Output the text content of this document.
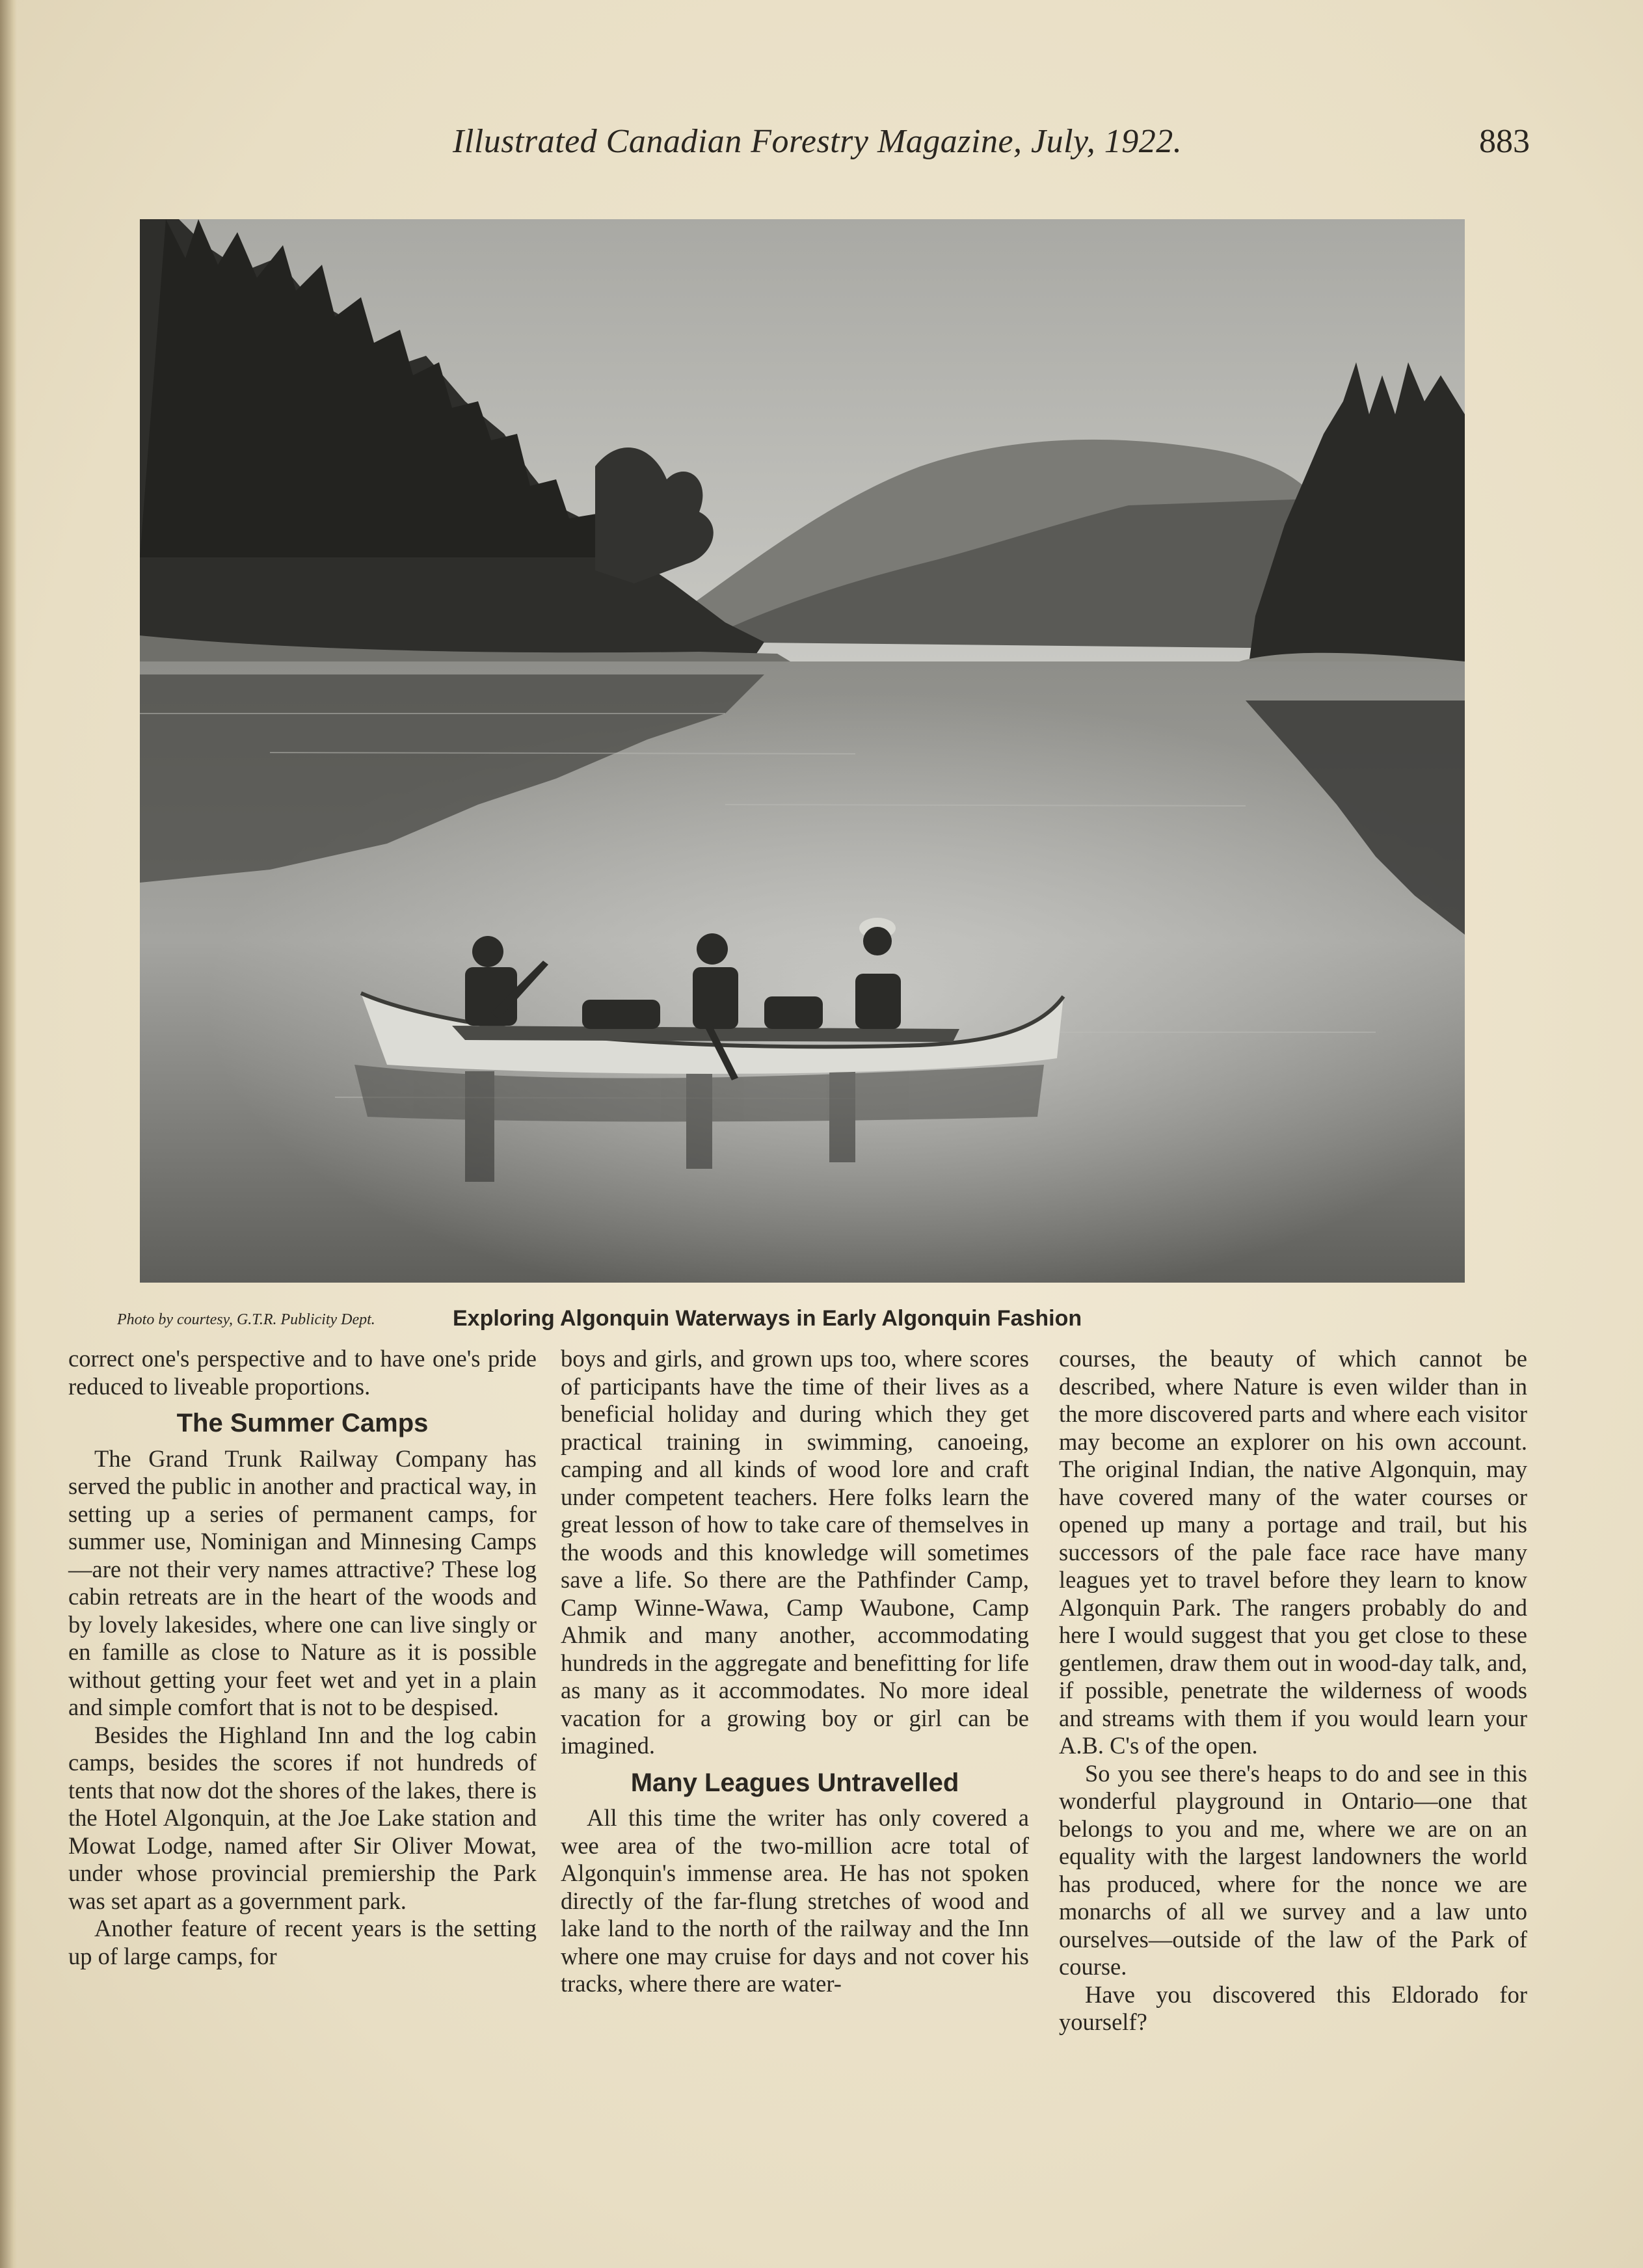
Illustrated Canadian Forestry Magazine, July, 1922.	883
Photo by courtesy, G.T.R. Publicity Dept.	Exploring Algonquin Waterways in Early Algonquin Fashion

correct one's perspective and to have one's pride reduced to liveable proportions.

The Summer Camps

The Grand Trunk Railway Company has served the public in another and practical way, in setting up a series of permanent camps, for summer use, Nominigan and Minnesing Camps —are not their very names attractive? These log cabin retreats are in the heart of the woods and by lovely lakesides, where one can live singly or en famille as close to Nature as it is possible without getting your feet wet and yet in a plain and simple comfort that is not to be despised.

Besides the Highland Inn and the log cabin camps, besides the scores if not hundreds of tents that now dot the shores of the lakes, there is the Hotel Algonquin, at the Joe Lake station and Mowat Lodge, named after Sir Oliver Mowat, under whose provincial premiership the Park was set apart as a government park.

Another feature of recent years is the setting up of large camps, for

boys and girls, and grown ups too, where scores of participants have the time of their lives as a beneficial holiday and during which they get practical training in swimming, canoeing, camping and all kinds of wood lore and craft under competent teachers. Here folks learn the great lesson of how to take care of themselves in the woods and this knowledge will sometimes save a life. So there are the Pathfinder Camp, Camp Winne-Wawa, Camp Waubone, Camp Ahmik and many another, accommodating hundreds in the aggregate and benefitting for life as many as it accommodates. No more ideal vacation for a growing boy or girl can be imagined.

Many Leagues Untravelled

All this time the writer has only covered a wee area of the two-million acre total of Algonquin's immense area. He has not spoken directly of the far-flung stretches of wood and lake land to the north of the railway and the Inn where one may cruise for days and not cover his tracks, where there are water-

courses, the beauty of which cannot be described, where Nature is even wilder than in the more discovered parts and where each visitor may become an explorer on his own account. The original Indian, the native Algonquin, may have covered many of the water courses or opened up many a portage and trail, but his successors of the pale face race have many leagues yet to travel before they learn to know Algonquin Park. The rangers probably do and here I would suggest that you get close to these gentlemen, draw them out in wood-day talk, and, if possible, penetrate the wilderness of woods and streams with them if you would learn your A.B. C's of the open.

So you see there's heaps to do and see in this wonderful playground in Ontario—one that belongs to you and me, where we are on an equality with the largest landowners the world has produced, where for the nonce we are monarchs of all we survey and a law unto ourselves—outside of the law of the Park of course.

Have you discovered this Eldorado for yourself?
